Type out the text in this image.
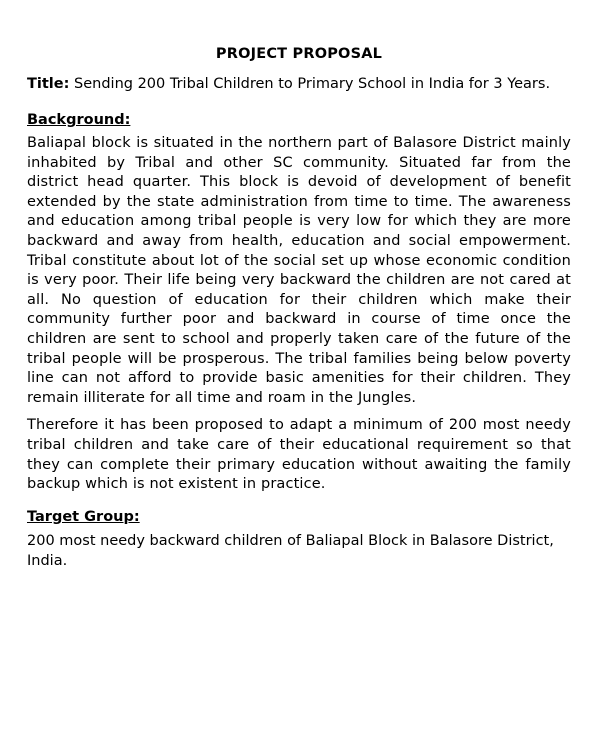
PROJECT PROPOSAL
Title: Sending 200 Tribal Children to Primary School in India for 3 Years.
Background:
Baliapal block is situated in the northern part of Balasore District mainly inhabited by Tribal and other SC community. Situated far from the district head quarter. This block is devoid of development of benefit extended by the state administration from time to time. The awareness and education among tribal people is very low for which they are more backward and away from health, education and social empowerment. Tribal constitute about lot of the social set up whose economic condition is very poor. Their life being very backward the children are not cared at all. No question of education for their children which make their community further poor and backward in course of time once the children are sent to school and properly taken care of the future of the tribal people will be prosperous. The tribal families being below poverty line can not afford to provide basic amenities for their children. They remain illiterate for all time and roam in the Jungles.
Therefore it has been proposed to adapt a minimum of 200 most needy tribal children and take care of their educational requirement so that they can complete their primary education without awaiting the family backup which is not existent in practice.
Target Group:
200 most needy backward children of Baliapal Block in Balasore District, India.
